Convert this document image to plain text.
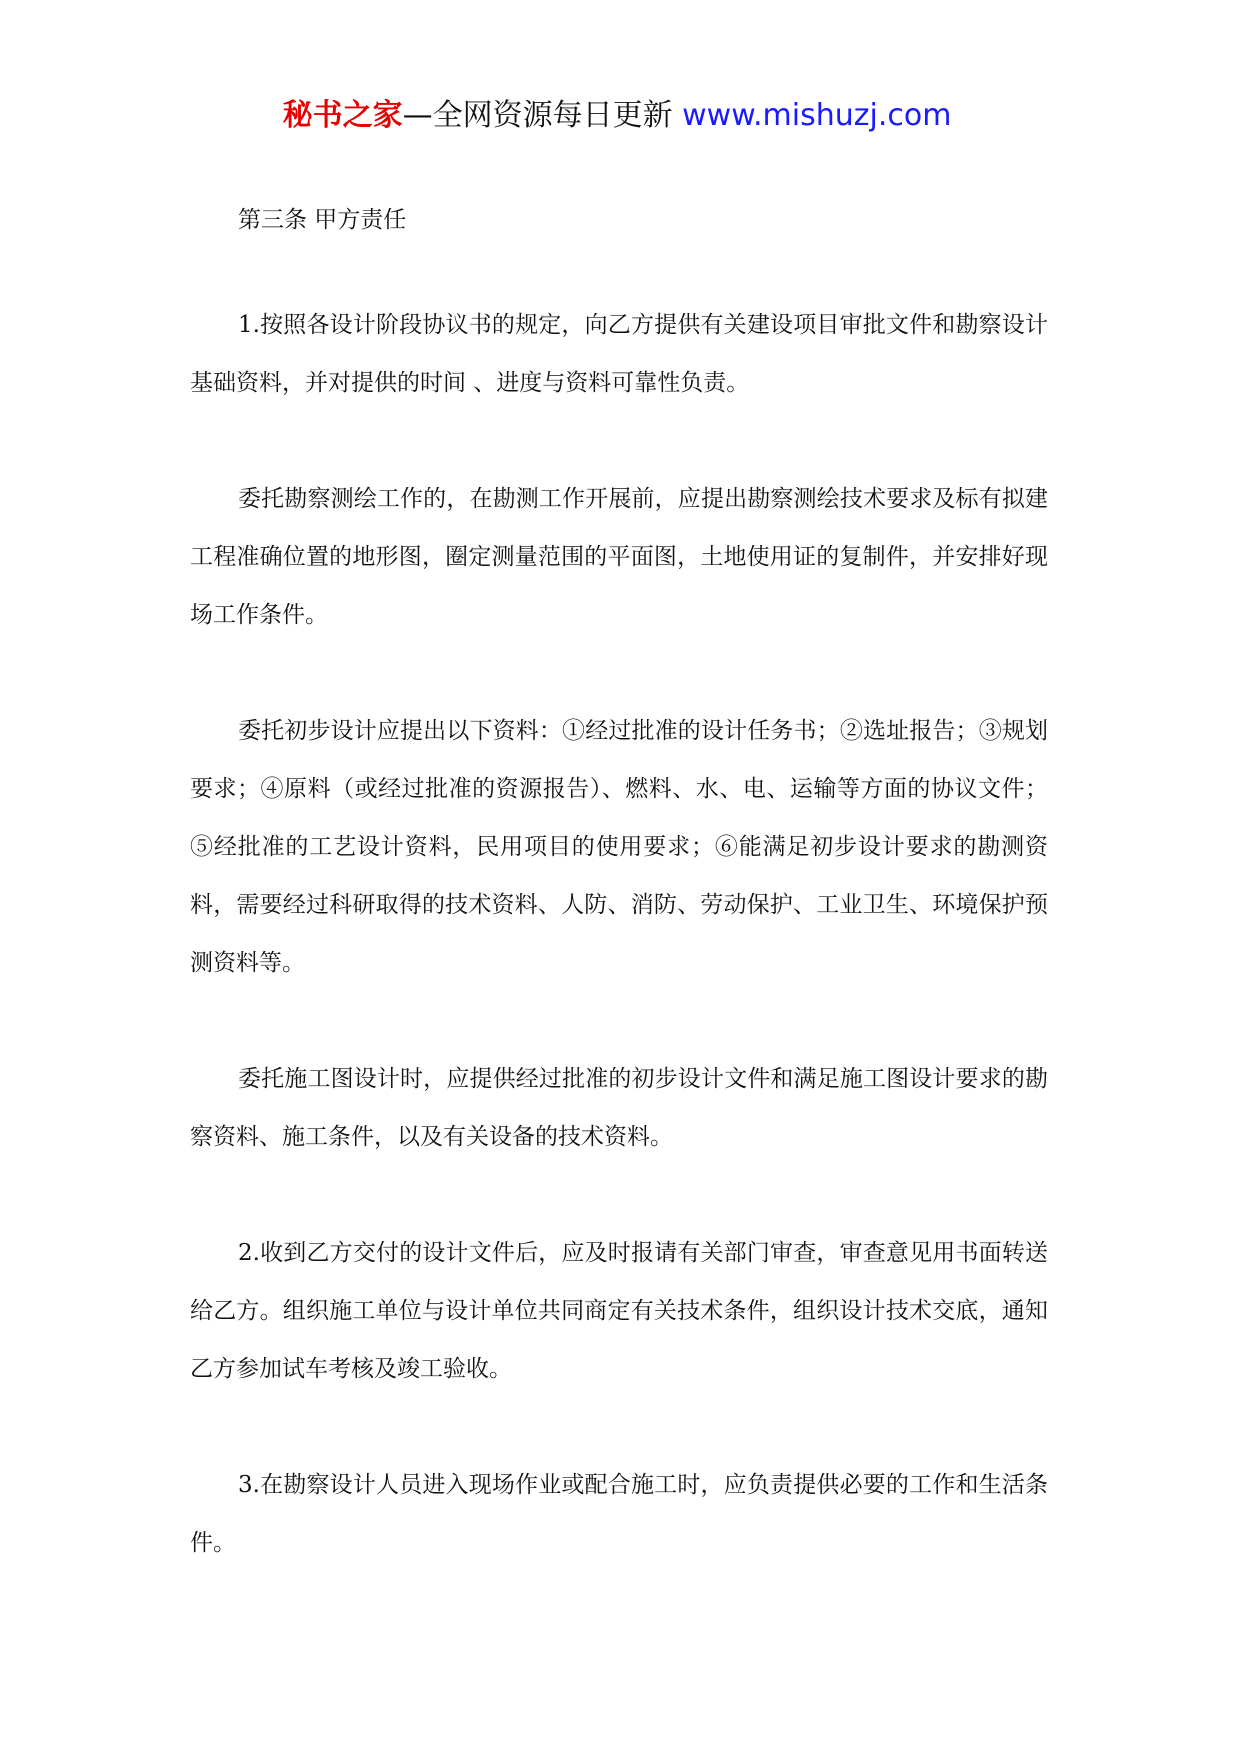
秘书之家—全网资源每日更新 www.mishuzj.com
第三条 甲方责任

1.按照各设计阶段协议书的规定，向乙方提供有关建设项目审批文件和勘察设计基础资料，并对提供的时间 、进度与资料可靠性负责。

委托勘察测绘工作的，在勘测工作开展前，应提出勘察测绘技术要求及标有拟建工程准确位置的地形图，圈定测量范围的平面图，土地使用证的复制件，并安排好现场工作条件。

委托初步设计应提出以下资料：①经过批准的设计任务书；②选址报告；③规划要求；④原料（或经过批准的资源报告）、燃料、水、电、运输等方面的协议文件；⑤经批准的工艺设计资料，民用项目的使用要求；⑥能满足初步设计要求的勘测资料，需要经过科研取得的技术资料、人防、消防、劳动保护、工业卫生、环境保护预测资料等。

委托施工图设计时，应提供经过批准的初步设计文件和满足施工图设计要求的勘察资料、施工条件，以及有关设备的技术资料。

2.收到乙方交付的设计文件后，应及时报请有关部门审查，审查意见用书面转送给乙方。组织施工单位与设计单位共同商定有关技术条件，组织设计技术交底，通知乙方参加试车考核及竣工验收。

3.在勘察设计人员进入现场作业或配合施工时，应负责提供必要的工作和生活条件。
